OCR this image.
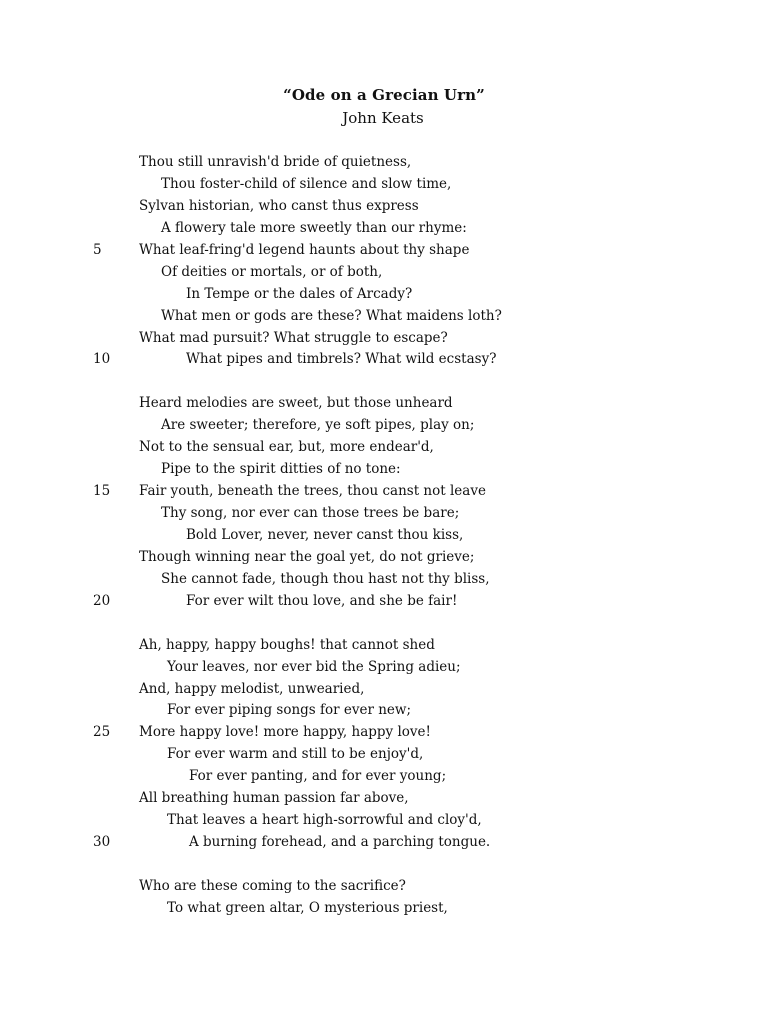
“Ode on a Grecian Urn”
John Keats
Thou still unravish'd bride of quietness,
Thou foster-child of silence and slow time,
Sylvan historian, who canst thus express
A flowery tale more sweetly than our rhyme:
5	What leaf-fring'd legend haunts about thy shape
Of deities or mortals, or of both,
In Tempe or the dales of Arcady?
What men or gods are these? What maidens loth?
What mad pursuit? What struggle to escape?
10	What pipes and timbrels? What wild ecstasy?
Heard melodies are sweet, but those unheard
Are sweeter; therefore, ye soft pipes, play on;
Not to the sensual ear, but, more endear'd,
Pipe to the spirit ditties of no tone:
15	Fair youth, beneath the trees, thou canst not leave
Thy song, nor ever can those trees be bare;
Bold Lover, never, never canst thou kiss,
Though winning near the goal yet, do not grieve;
She cannot fade, though thou hast not thy bliss,
20	For ever wilt thou love, and she be fair!
Ah, happy, happy boughs! that cannot shed
Your leaves, nor ever bid the Spring adieu;
And, happy melodist, unwearied,
For ever piping songs for ever new;
25	More happy love! more happy, happy love!
For ever warm and still to be enjoy'd,
For ever panting, and for ever young;
All breathing human passion far above,
That leaves a heart high-sorrowful and cloy'd,
30	A burning forehead, and a parching tongue.
Who are these coming to the sacrifice?
To what green altar, O mysterious priest,
